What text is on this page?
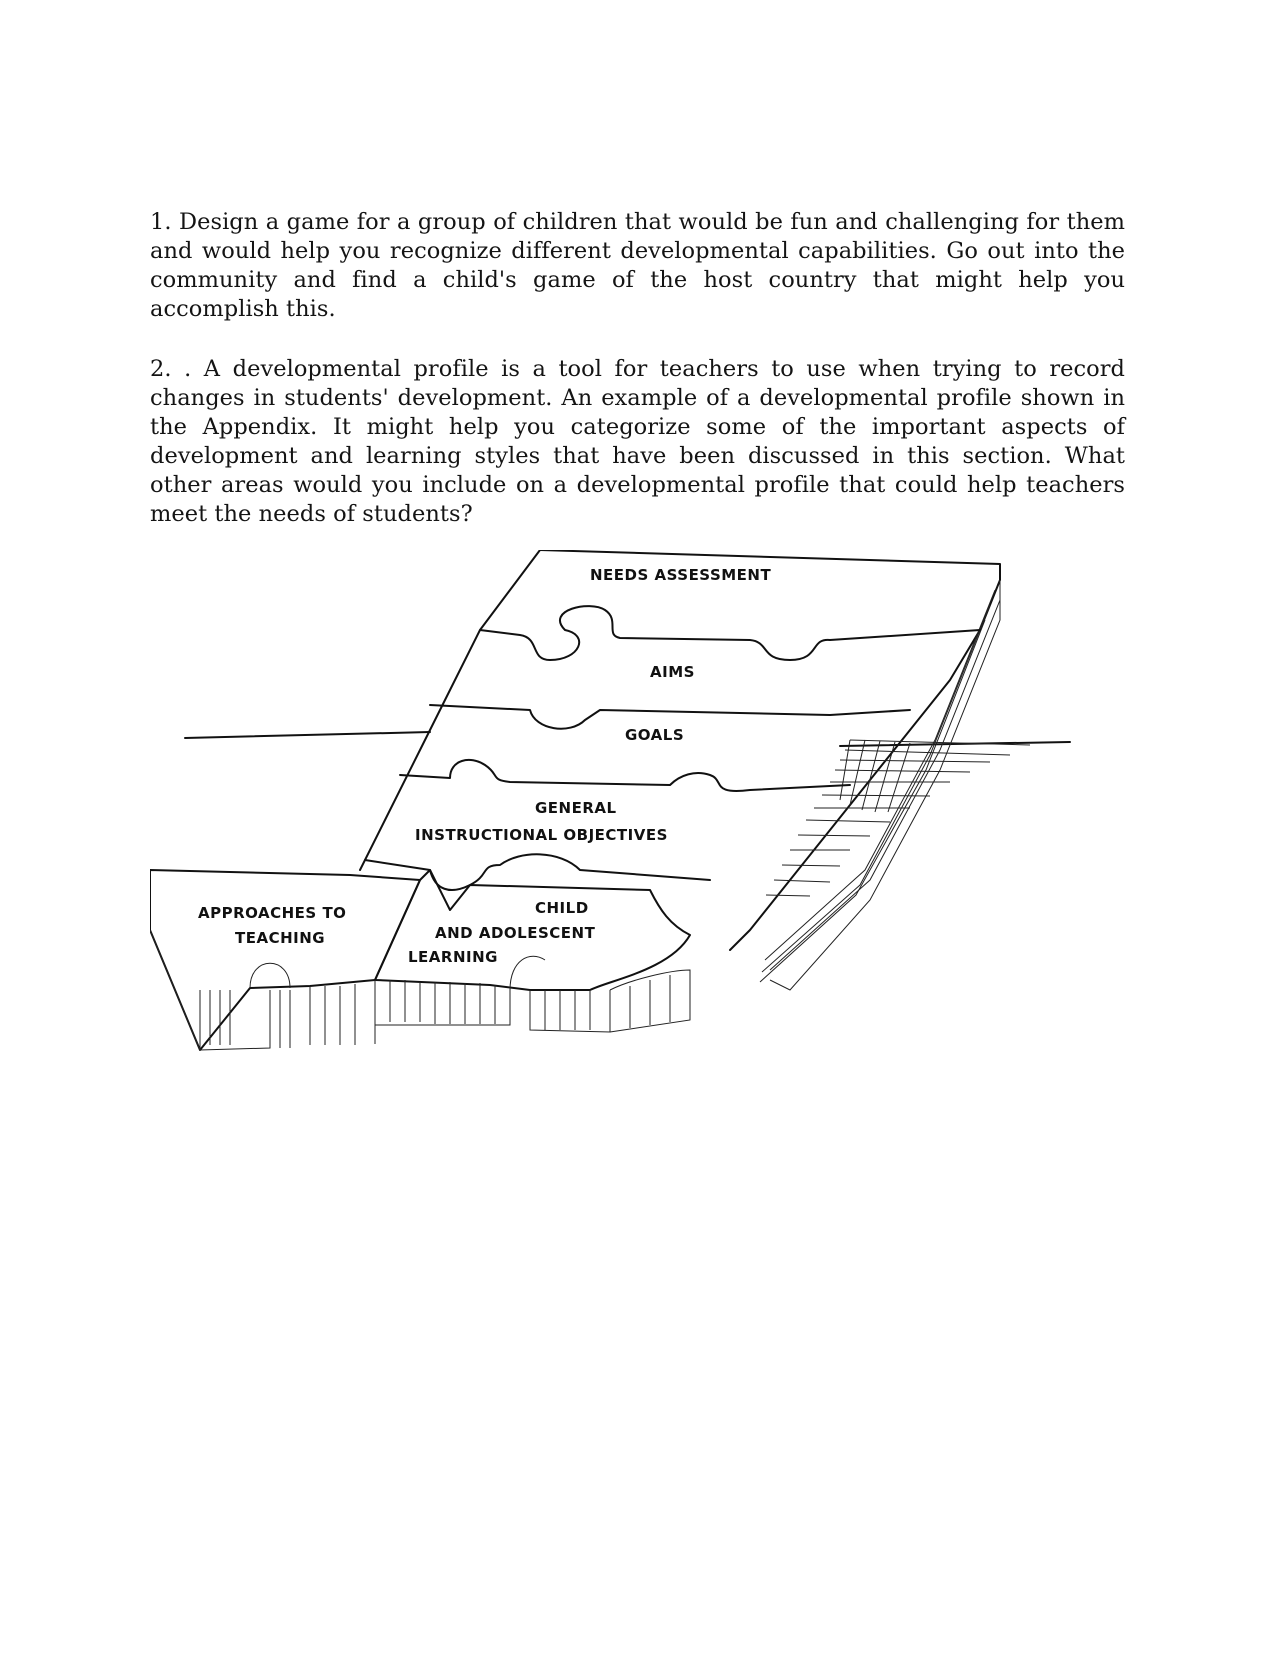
1. Design a game for a group of children that would be fun and challenging for them and would help you recognize different developmental capabilities. Go out into the community and find a child's game of the host country that might help you accomplish this.

2. . A developmental profile is a tool for teachers to use when trying to record changes in students' development. An example of a developmental profile shown in the Appendix. It might help you categorize some of the important aspects of development and learning styles that have been discussed in this section. What other areas would you include on a developmental profile that could help teachers meet the needs of students?

NEEDS ASSESSMENT
AIMS
GOALS
GENERAL
INSTRUCTIONAL OBJECTIVES
APPROACHES TO
TEACHING
CHILD
AND ADOLESCENT
LEARNING
